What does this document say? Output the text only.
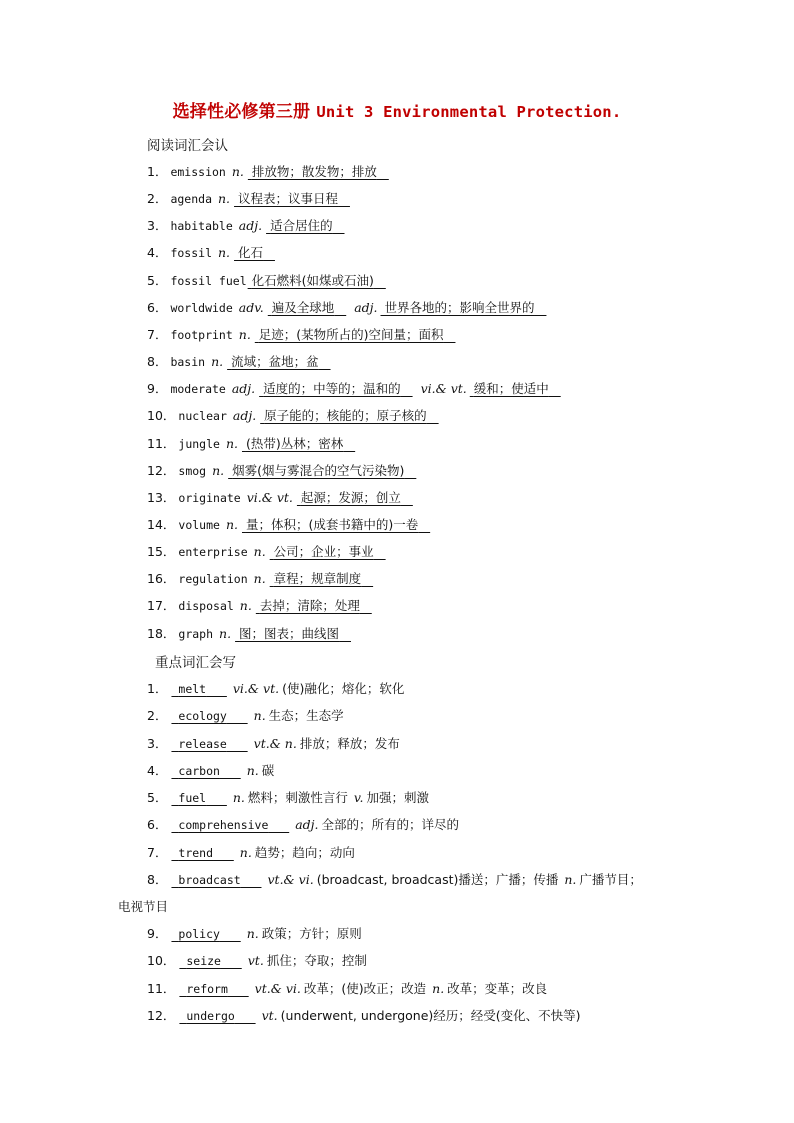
选择性必修第三册 Unit 3 Environmental Protection.
阅读词汇会认
1． emission n. 排放物；散发物；排放
2． agenda n. 议程表；议事日程
3． habitable adj. 适合居住的
4． fossil n. 化石
5． fossil fuel 化石燃料(如煤或石油)
6． worldwide adv. 遍及全球地	adj. 世界各地的；影响全世界的
7． footprint n. 足迹；(某物所占的)空间量；面积
8． basin n. 流域；盆地；盆
9． moderate adj. 适度的；中等的；温和的	vi.& vt. 缓和；使适中
10． nuclear adj. 原子能的；核能的；原子核的
11． jungle n. (热带)丛林；密林
12． smog n. 烟雾(烟与雾混合的空气污染物)
13． originate vi.& vt. 起源；发源；创立
14． volume n. 量；体积；(成套书籍中的)一卷
15． enterprise n. 公司；企业；事业
16． regulation n. 章程；规章制度
17． disposal n. 去掉；清除；处理
18． graph n. 图；图表；曲线图
重点词汇会写
1． melt	vi.& vt. (使)融化；熔化；软化
2． ecology	n. 生态；生态学
3． release	vt.& n. 排放；释放；发布
4． carbon	n. 碳
5． fuel	n. 燃料；刺激性言行 v. 加强；刺激
6． comprehensive	adj. 全部的；所有的；详尽的
7． trend	n. 趋势；趋向；动向
8． broadcast	vt.& vi. (broadcast, broadcast)播送；广播；传播 n. 广播节目；
电视节目
9． policy	n. 政策；方针；原则
10． seize	vt. 抓住；夺取；控制
11． reform	vt.& vi. 改革；(使)改正；改造 n. 改革；变革；改良
12． undergo	vt. (underwent, undergone)经历；经受(变化、不快等)
